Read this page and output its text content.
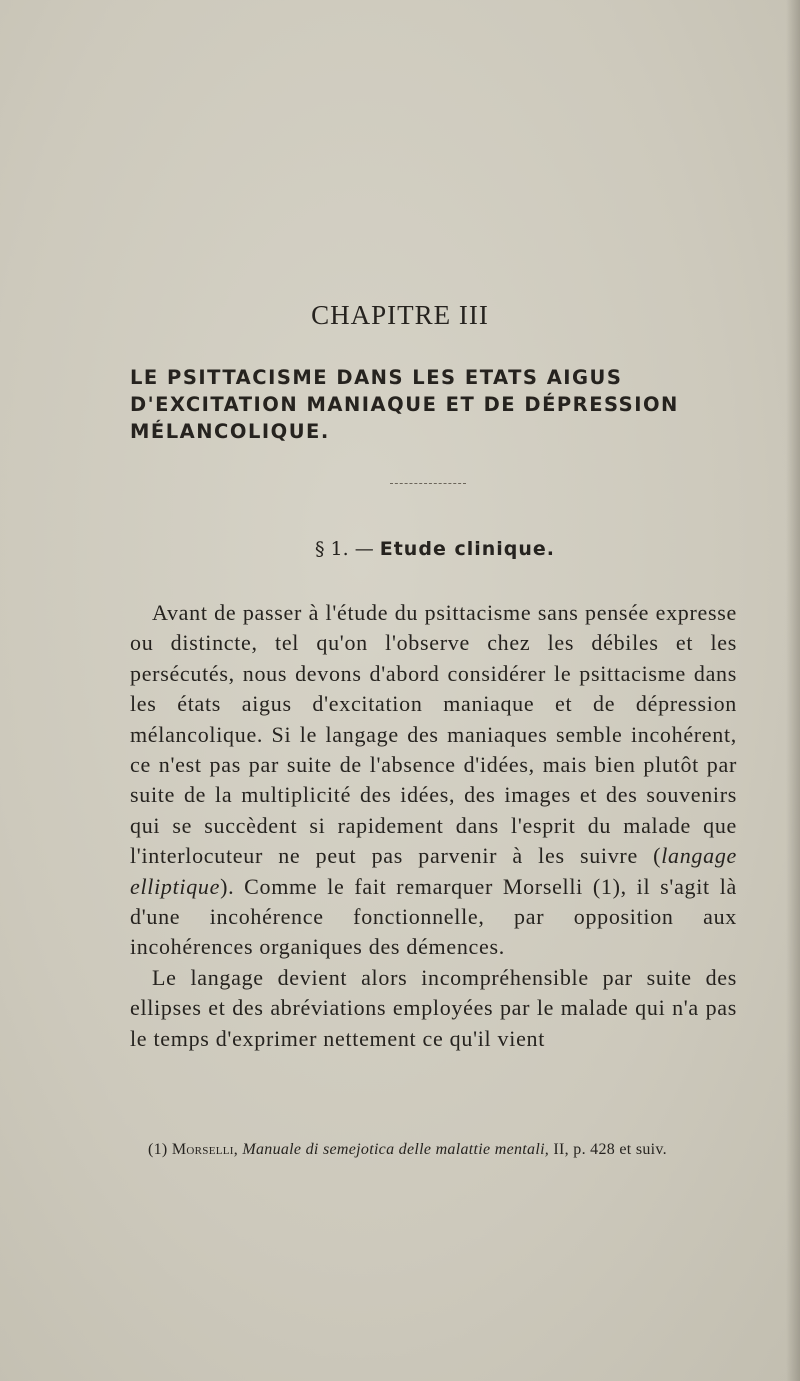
CHAPITRE III
LE PSITTACISME DANS LES ETATS AIGUS D'EXCITATION MANIAQUE ET DE DÉPRESSION MÉLANCOLIQUE.
§ 1. — Etude clinique.

Avant de passer à l'étude du psittacisme sans pensée expresse ou distincte, tel qu'on l'observe chez les débiles et les persécutés, nous devons d'abord considérer le psittacisme dans les états aigus d'excitation maniaque et de dépression mélancolique. Si le langage des maniaques semble incohérent, ce n'est pas par suite de l'absence d'idées, mais bien plutôt par suite de la multiplicité des idées, des images et des souvenirs qui se succèdent si rapidement dans l'esprit du malade que l'interlocuteur ne peut pas parvenir à les suivre (langage elliptique). Comme le fait remarquer Morselli (1), il s'agit là d'une incohérence fonctionnelle, par opposition aux incohérences organiques des démences.

Le langage devient alors incompréhensible par suite des ellipses et des abréviations employées par le malade qui n'a pas le temps d'exprimer nettement ce qu'il vient

(1) Morselli, Manuale di semejotica delle malattie mentali, II, p. 428 et suiv.
